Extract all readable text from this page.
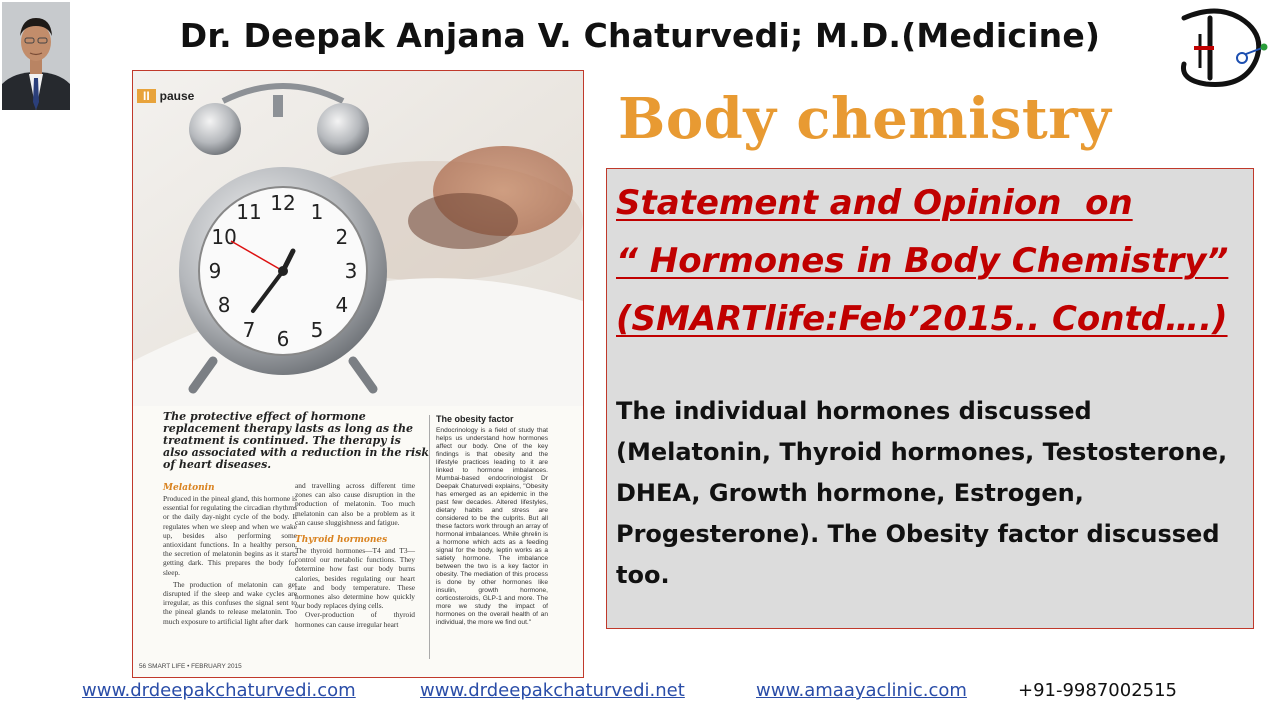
Dr. Deepak Anjana V. Chaturvedi; M.D.(Medicine)
12 1
2
3
4
5
6
7
8
9
10
11
II pause
The protective effect of hormone replacement therapy lasts as long as the treatment is continued. The therapy is also associated with a reduction in the risk of heart diseases.
Melatonin

Produced in the pineal gland, this hormone is essential for regulating the circadian rhythms or the daily day-night cycle of the body. It regulates when we sleep and when we wake up, besides also performing some antioxidant functions. In a healthy person, the secretion of melatonin begins as it starts getting dark. This prepares the body for sleep.

The production of melatonin can get disrupted if the sleep and wake cycles are irregular, as this confuses the signal sent to the pineal glands to release melatonin. Too much exposure to artificial light after dark

and travelling across different time zones can also cause disruption in the production of melatonin. Too much melatonin can also be a problem as it can cause sluggishness and fatigue.

Thyroid hormones

The thyroid hormones—T4 and T3—control our metabolic functions. They determine how fast our body burns calories, besides regulating our heart rate and body temperature. These hormones also determine how quickly our body replaces dying cells.

Over-production of thyroid hormones can cause irregular heart

The obesity factor

Endocrinology is a field of study that helps us understand how hormones affect our body. One of the key findings is that obesity and the lifestyle practices leading to it are linked to hormone imbalances. Mumbai-based endocrinologist Dr Deepak Chaturvedi explains, "Obesity has emerged as an epidemic in the past few decades. Altered lifestyles, dietary habits and stress are considered to be the culprits. But all these factors work through an array of hormonal imbalances. While ghrelin is a hormone which acts as a feeding signal for the body, leptin works as a satiety hormone. The imbalance between the two is a key factor in obesity. The mediation of this process is done by other hormones like insulin, growth hormone, corticosteroids, GLP-1 and more. The more we study the impact of hormones on the overall health of an individual, the more we find out."

56 SMART LIFE • FEBRUARY 2015
Body chemistry
Statement and Opinion  on
“ Hormones in Body Chemistry”
(SMARTlife:Feb’2015.. Contd….)
The individual hormones discussed (Melatonin, Thyroid hormones, Testosterone, DHEA, Growth hormone, Estrogen, Progesterone). The Obesity factor discussed too.
www.drdeepakchaturvedi.com	www.drdeepakchaturvedi.net	www.amaayaclinic.com	+91-9987002515
